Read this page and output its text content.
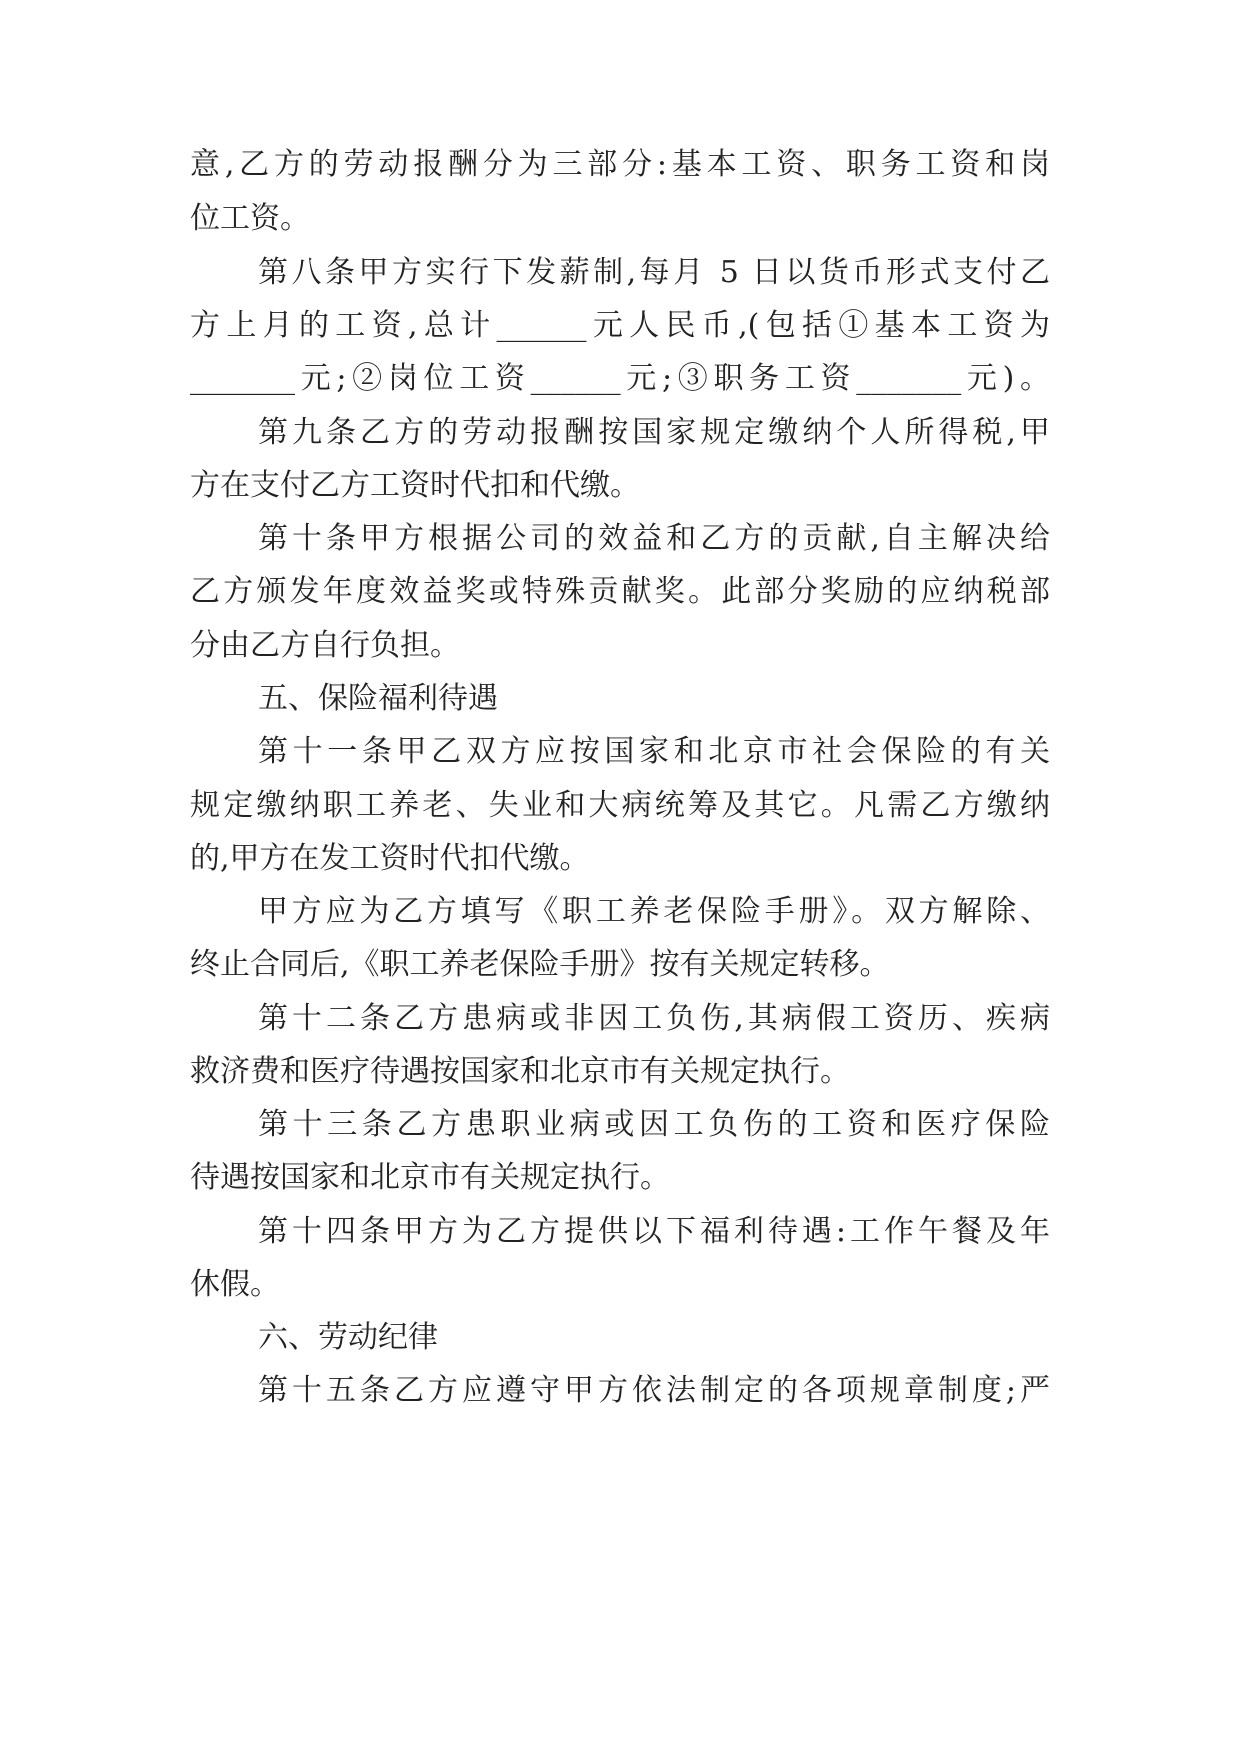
意,乙方的劳动报酬分为三部分:基本工资、职务工资和岗
位工资。
第八条甲方实行下发薪制,每月 5 日以货币形式支付乙
方上月的工资,总计______元人民币,(包括①基本工资为
_______元;②岗位工资______元;③职务工资_______元)。
第九条乙方的劳动报酬按国家规定缴纳个人所得税,甲
方在支付乙方工资时代扣和代缴。
第十条甲方根据公司的效益和乙方的贡献,自主解决给
乙方颁发年度效益奖或特殊贡献奖。此部分奖励的应纳税部
分由乙方自行负担。
五、保险福利待遇
第十一条甲乙双方应按国家和北京市社会保险的有关
规定缴纳职工养老、失业和大病统筹及其它。凡需乙方缴纳
的,甲方在发工资时代扣代缴。
甲方应为乙方填写《职工养老保险手册》。双方解除、
终止合同后,《职工养老保险手册》按有关规定转移。
第十二条乙方患病或非因工负伤,其病假工资历、疾病
救济费和医疗待遇按国家和北京市有关规定执行。
第十三条乙方患职业病或因工负伤的工资和医疗保险
待遇按国家和北京市有关规定执行。
第十四条甲方为乙方提供以下福利待遇:工作午餐及年
休假。
六、劳动纪律
第十五条乙方应遵守甲方依法制定的各项规章制度;严
